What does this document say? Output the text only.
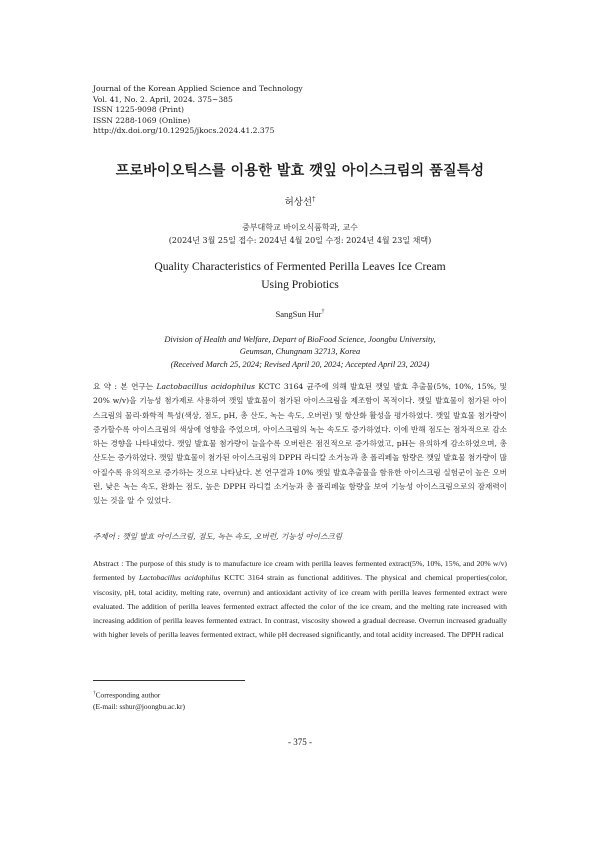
Journal of the Korean Applied Science and Technology
Vol. 41, No. 2. April, 2024. 375~385
ISSN 1225-9098 (Print)
ISSN 2288-1069 (Online)
http://dx.doi.org/10.12925/jkocs.2024.41.2.375
프로바이오틱스를 이용한 발효 깻잎 아이스크림의 품질특성
허상선†
중부대학교 바이오식품학과, 교수
(2024년 3월 25일 접수: 2024년 4월 20일 수정: 2024년 4월 23일 채택)
Quality Characteristics of Fermented Perilla Leaves Ice Cream
Using Probiotics
SangSun Hur†
Division of Health and Welfare, Depart of BioFood Science, Joongbu University,
Geumsan, Chungnam 32713, Korea
(Received March 25, 2024; Revised April 20, 2024; Accepted April 23, 2024)
요 약 : 본 연구는 Lactobacillus acidophilus KCTC 3164 균주에 의해 발효된 깻잎 발효 추출물(5%, 10%, 15%, 및 20% w/v)을 기능성 첨가제로 사용하여 깻잎 발효물이 첨가된 아이스크림을 제조함이 목적이다. 깻잎 발효물이 첨가된 아이스크림의 물리·화학적 특성(색상, 점도, pH, 총 산도, 녹는 속도, 오버런) 및 항산화 활성을 평가하였다. 깻잎 발효물 첨가량이 증가할수록 아이스크림의 색상에 영향을 주었으며, 아이스크림의 녹는 속도도 증가하였다. 이에 반해 점도는 점차적으로 감소하는 경향을 나타내었다. 깻잎 발효물 첨가량이 늘을수록 오버런은 점진적으로 증가하였고, pH는 유의하게 감소하였으며, 총 산도는 증가하였다. 깻잎 발효물이 첨가된 아이스크림의 DPPH 라디칼 소거능과 총 폴리페놀 함량은 깻잎 발효물 첨가량이 많아질수록 유의적으로 증가하는 것으로 나타났다. 본 연구결과 10% 깻잎 발효추출물을 함유한 아이스크림 실험군이 높은 오버런, 낮은 녹는 속도, 완화는 점도, 높은 DPPH 라디컬 소거능과 총 폴리페놀 함량을 보여 기능성 아이스크림으로의 잠재력이 있는 것을 알 수 있었다.
주제어 : 깻잎 발효 아이스크림, 점도, 녹는 속도, 오버런, 기능성 아이스크림
Abstract : The purpose of this study is to manufacture ice cream with perilla leaves fermented extract(5%, 10%, 15%, and 20% w/v) fermented by Lactobacillus acidophilus KCTC 3164 strain as functional additives. The physical and chemical properties(color, viscosity, pH, total acidity, melting rate, overrun) and antioxidant activity of ice cream with perilla leaves fermented extract were evaluated. The addition of perilla leaves fermented extract affected the color of the ice cream, and the melting rate increased with increasing addition of perilla leaves fermented extract. In contrast, viscosity showed a gradual decrease. Overrun increased gradually with higher levels of perilla leaves fermented extract, while pH decreased significantly, and total acidity increased. The DPPH radical
†Corresponding author
(E-mail: sshur@joongbu.ac.kr)
- 375 -
